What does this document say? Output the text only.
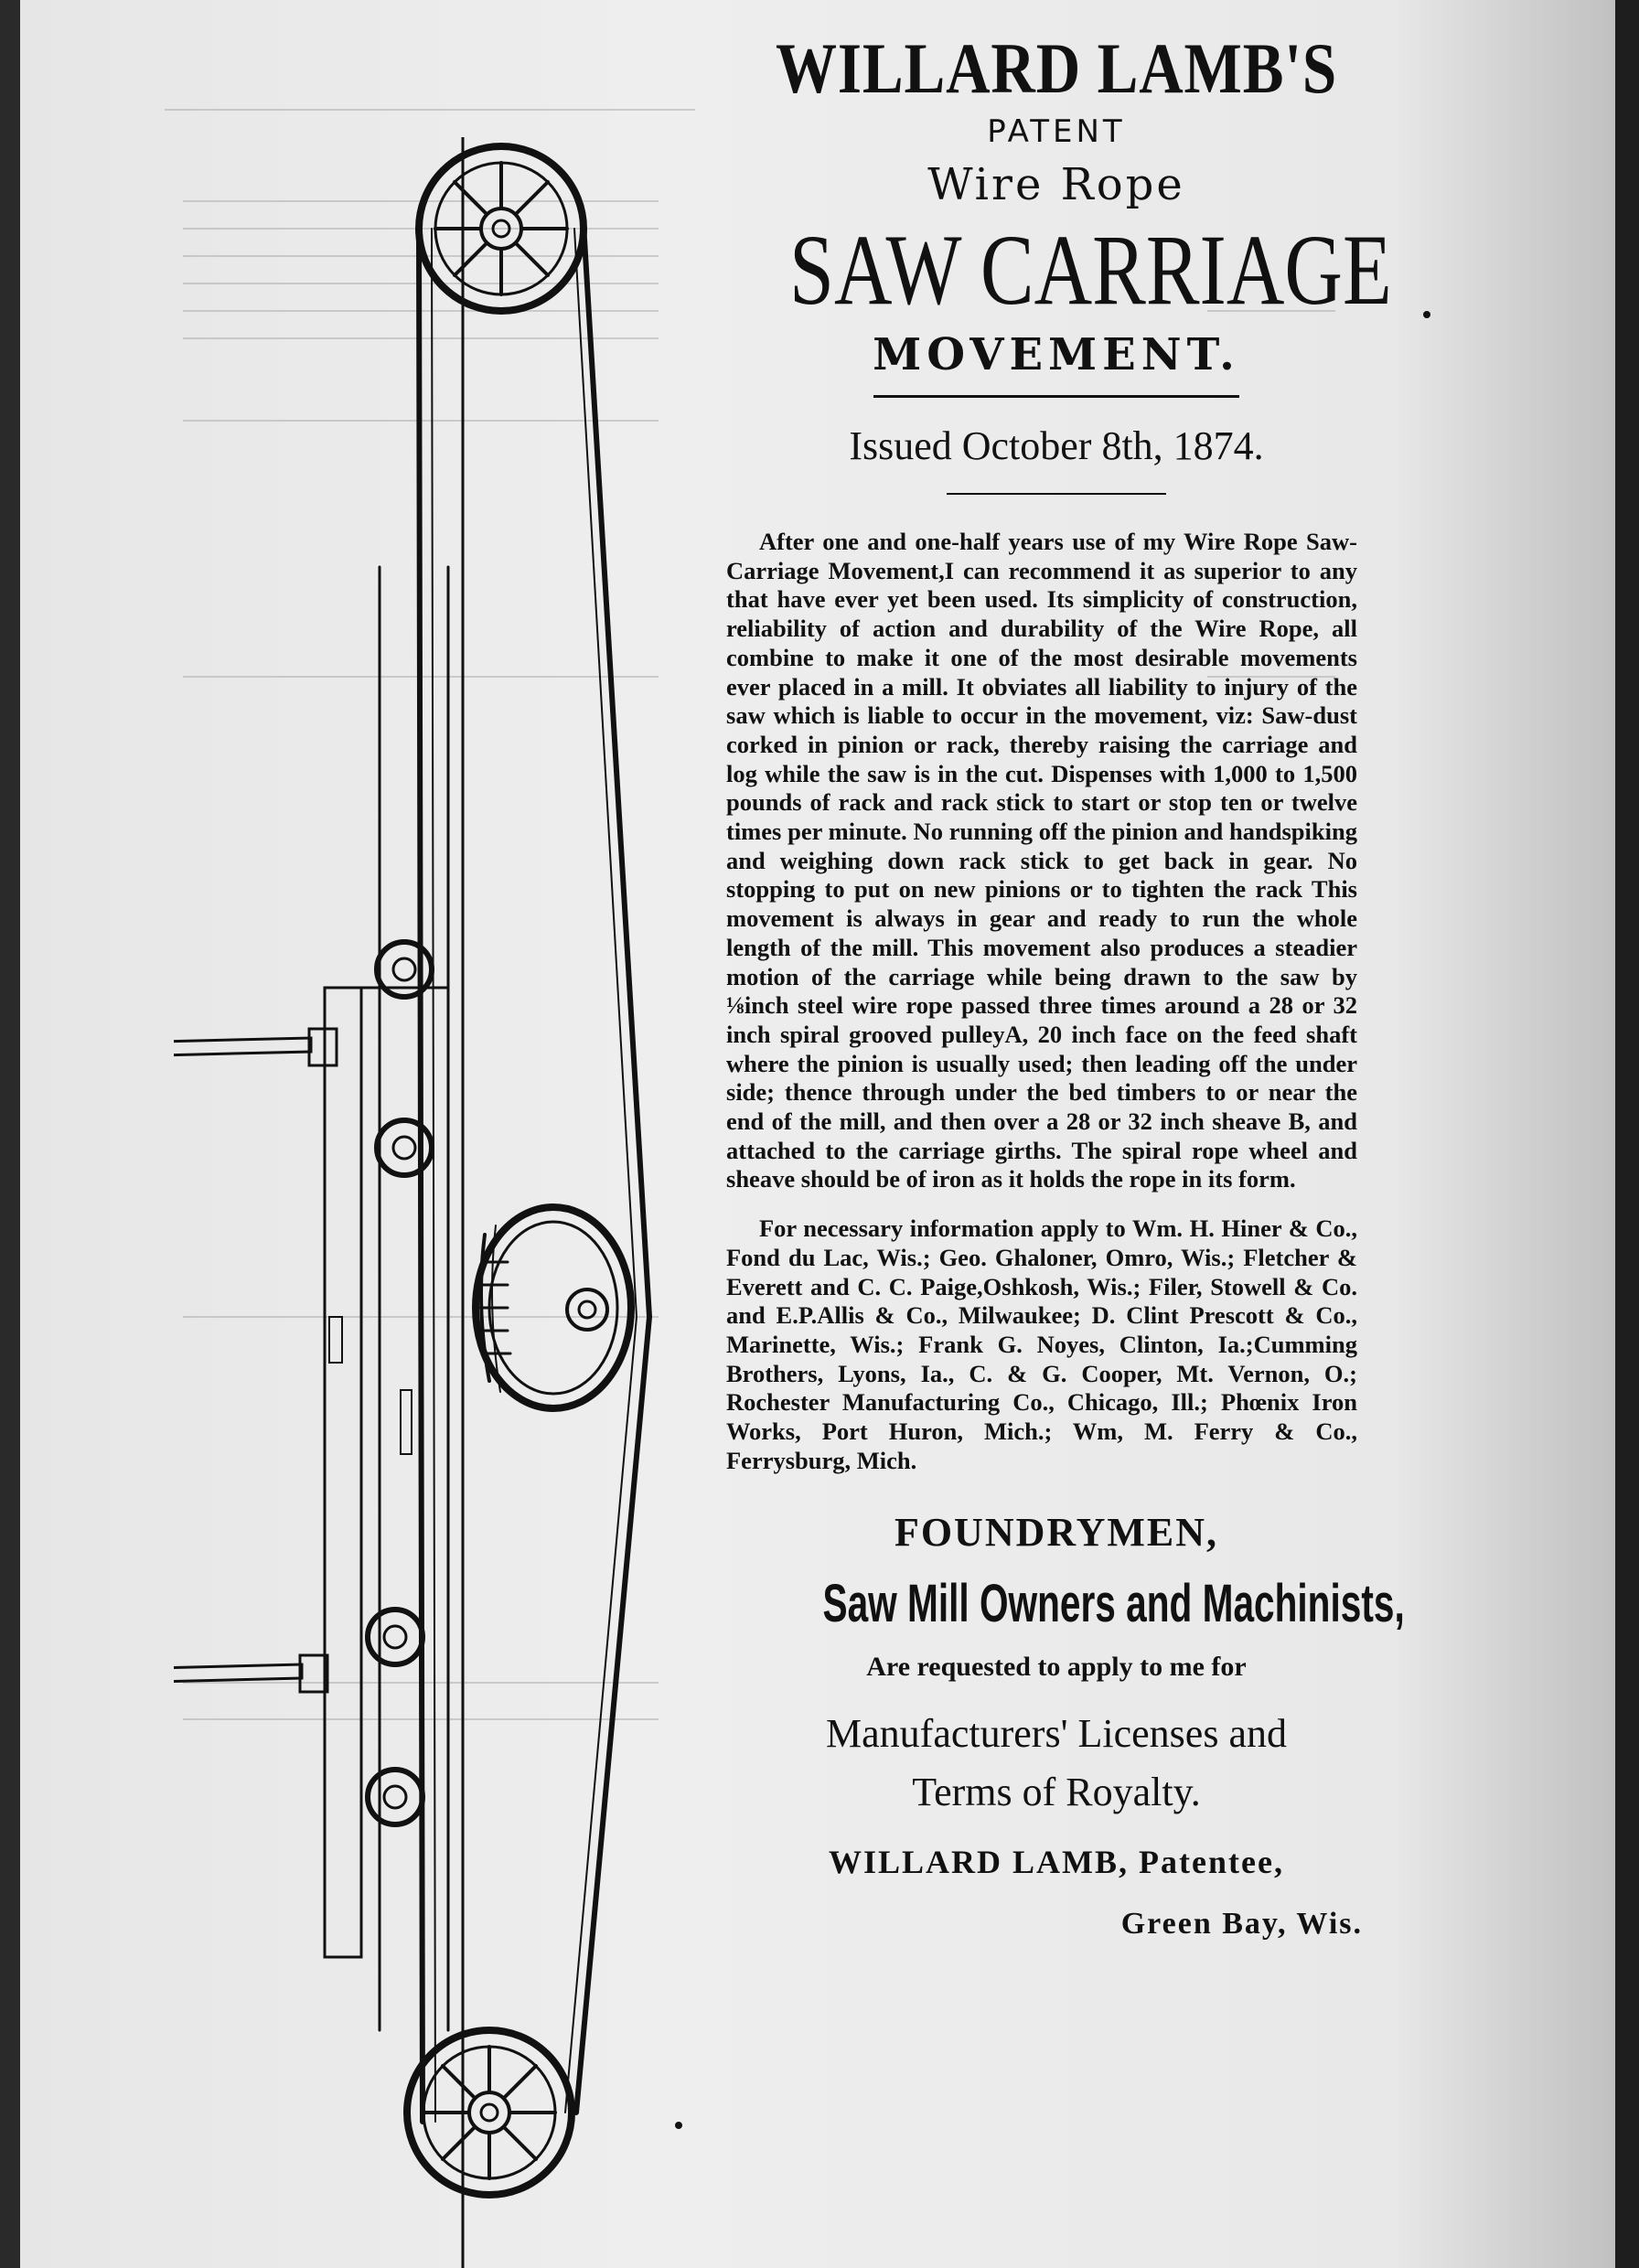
WILLARD LAMB'S
PATENT
Wire Rope
SAW CARRIAGE
MOVEMENT.
Issued October 8th, 1874.

After one and one-half years use of my Wire Rope Saw-Carriage Movement,I can recommend it as superior to any that have ever yet been used. Its simplicity of construction, reliability of action and durability of the Wire Rope, all combine to make it one of the most desirable movements ever placed in a mill. It obviates all liability to injury of the saw which is liable to occur in the movement, viz: Saw-dust corked in pinion or rack, thereby raising the carriage and log while the saw is in the cut. Dispenses with 1,000 to 1,500 pounds of rack and rack stick to start or stop ten or twelve times per minute. No running off the pinion and handspiking and weighing down rack stick to get back in gear. No stopping to put on new pinions or to tighten the rack This movement is always in gear and ready to run the whole length of the mill. This movement also produces a steadier motion of the carriage while being drawn to the saw by ⅛inch steel wire rope passed three times around a 28 or 32 inch spiral grooved pulleyA, 20 inch face on the feed shaft where the pinion is usually used; then leading off the under side; thence through under the bed timbers to or near the end of the mill, and then over a 28 or 32 inch sheave B, and attached to the carriage girths. The spiral rope wheel and sheave should be of iron as it holds the rope in its form.

For necessary information apply to Wm. H. Hiner & Co., Fond du Lac, Wis.; Geo. Ghaloner, Omro, Wis.; Fletcher & Everett and C. C. Paige,Oshkosh, Wis.; Filer, Stowell & Co. and E.P.Allis & Co., Milwaukee; D. Clint Prescott & Co., Marinette, Wis.; Frank G. Noyes, Clinton, Ia.;Cumming Brothers, Lyons, Ia., C. & G. Cooper, Mt. Vernon, O.; Rochester Manufacturing Co., Chicago, Ill.; Phœnix Iron Works, Port Huron, Mich.; Wm, M. Ferry & Co., Ferrysburg, Mich.

FOUNDRYMEN,
Saw Mill Owners and Machinists,
Are requested to apply to me for
Manufacturers' Licenses and
Terms of Royalty.
WILLARD LAMB, Patentee,
Green Bay, Wis.
